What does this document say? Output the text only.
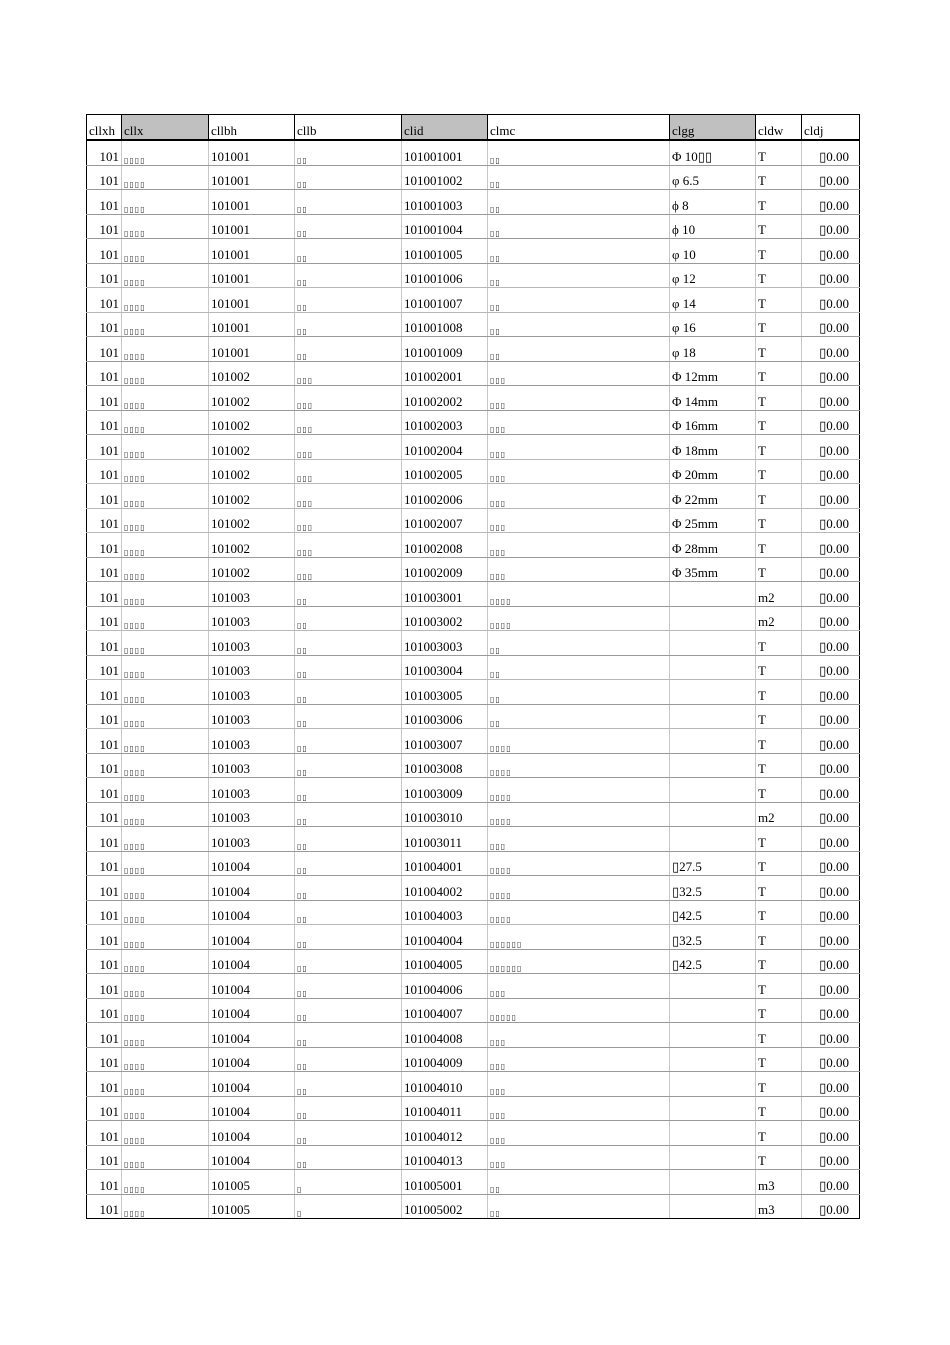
cllxh	cllx	cllbh	cllb	clid	clmc	clgg	cldw	cldj
101	▯▯▯▯	101001	▯▯	101001001	▯▯	Φ 10▯▯	T	▯0.00
101	▯▯▯▯	101001	▯▯	101001002	▯▯	φ 6.5	T	▯0.00
101	▯▯▯▯	101001	▯▯	101001003	▯▯	ϕ 8	T	▯0.00
101	▯▯▯▯	101001	▯▯	101001004	▯▯	ϕ 10	T	▯0.00
101	▯▯▯▯	101001	▯▯	101001005	▯▯	φ 10	T	▯0.00
101	▯▯▯▯	101001	▯▯	101001006	▯▯	φ 12	T	▯0.00
101	▯▯▯▯	101001	▯▯	101001007	▯▯	φ 14	T	▯0.00
101	▯▯▯▯	101001	▯▯	101001008	▯▯	φ 16	T	▯0.00
101	▯▯▯▯	101001	▯▯	101001009	▯▯	φ 18	T	▯0.00
101	▯▯▯▯	101002	▯▯▯	101002001	▯▯▯	Φ 12mm	T	▯0.00
101	▯▯▯▯	101002	▯▯▯	101002002	▯▯▯	Φ 14mm	T	▯0.00
101	▯▯▯▯	101002	▯▯▯	101002003	▯▯▯	Φ 16mm	T	▯0.00
101	▯▯▯▯	101002	▯▯▯	101002004	▯▯▯	Φ 18mm	T	▯0.00
101	▯▯▯▯	101002	▯▯▯	101002005	▯▯▯	Φ 20mm	T	▯0.00
101	▯▯▯▯	101002	▯▯▯	101002006	▯▯▯	Φ 22mm	T	▯0.00
101	▯▯▯▯	101002	▯▯▯	101002007	▯▯▯	Φ 25mm	T	▯0.00
101	▯▯▯▯	101002	▯▯▯	101002008	▯▯▯	Φ 28mm	T	▯0.00
101	▯▯▯▯	101002	▯▯▯	101002009	▯▯▯	Φ 35mm	T	▯0.00
101	▯▯▯▯	101003	▯▯	101003001	▯▯▯▯		m2	▯0.00
101	▯▯▯▯	101003	▯▯	101003002	▯▯▯▯		m2	▯0.00
101	▯▯▯▯	101003	▯▯	101003003	▯▯		T	▯0.00
101	▯▯▯▯	101003	▯▯	101003004	▯▯		T	▯0.00
101	▯▯▯▯	101003	▯▯	101003005	▯▯		T	▯0.00
101	▯▯▯▯	101003	▯▯	101003006	▯▯		T	▯0.00
101	▯▯▯▯	101003	▯▯	101003007	▯▯▯▯		T	▯0.00
101	▯▯▯▯	101003	▯▯	101003008	▯▯▯▯		T	▯0.00
101	▯▯▯▯	101003	▯▯	101003009	▯▯▯▯		T	▯0.00
101	▯▯▯▯	101003	▯▯	101003010	▯▯▯▯		m2	▯0.00
101	▯▯▯▯	101003	▯▯	101003011	▯▯▯		T	▯0.00
101	▯▯▯▯	101004	▯▯	101004001	▯▯▯▯	▯27.5	T	▯0.00
101	▯▯▯▯	101004	▯▯	101004002	▯▯▯▯	▯32.5	T	▯0.00
101	▯▯▯▯	101004	▯▯	101004003	▯▯▯▯	▯42.5	T	▯0.00
101	▯▯▯▯	101004	▯▯	101004004	▯▯▯▯▯▯	▯32.5	T	▯0.00
101	▯▯▯▯	101004	▯▯	101004005	▯▯▯▯▯▯	▯42.5	T	▯0.00
101	▯▯▯▯	101004	▯▯	101004006	▯▯▯		T	▯0.00
101	▯▯▯▯	101004	▯▯	101004007	▯▯▯▯▯		T	▯0.00
101	▯▯▯▯	101004	▯▯	101004008	▯▯▯		T	▯0.00
101	▯▯▯▯	101004	▯▯	101004009	▯▯▯		T	▯0.00
101	▯▯▯▯	101004	▯▯	101004010	▯▯▯		T	▯0.00
101	▯▯▯▯	101004	▯▯	101004011	▯▯▯		T	▯0.00
101	▯▯▯▯	101004	▯▯	101004012	▯▯▯		T	▯0.00
101	▯▯▯▯	101004	▯▯	101004013	▯▯▯		T	▯0.00
101	▯▯▯▯	101005	▯	101005001	▯▯		m3	▯0.00
101	▯▯▯▯	101005	▯	101005002	▯▯		m3	▯0.00
